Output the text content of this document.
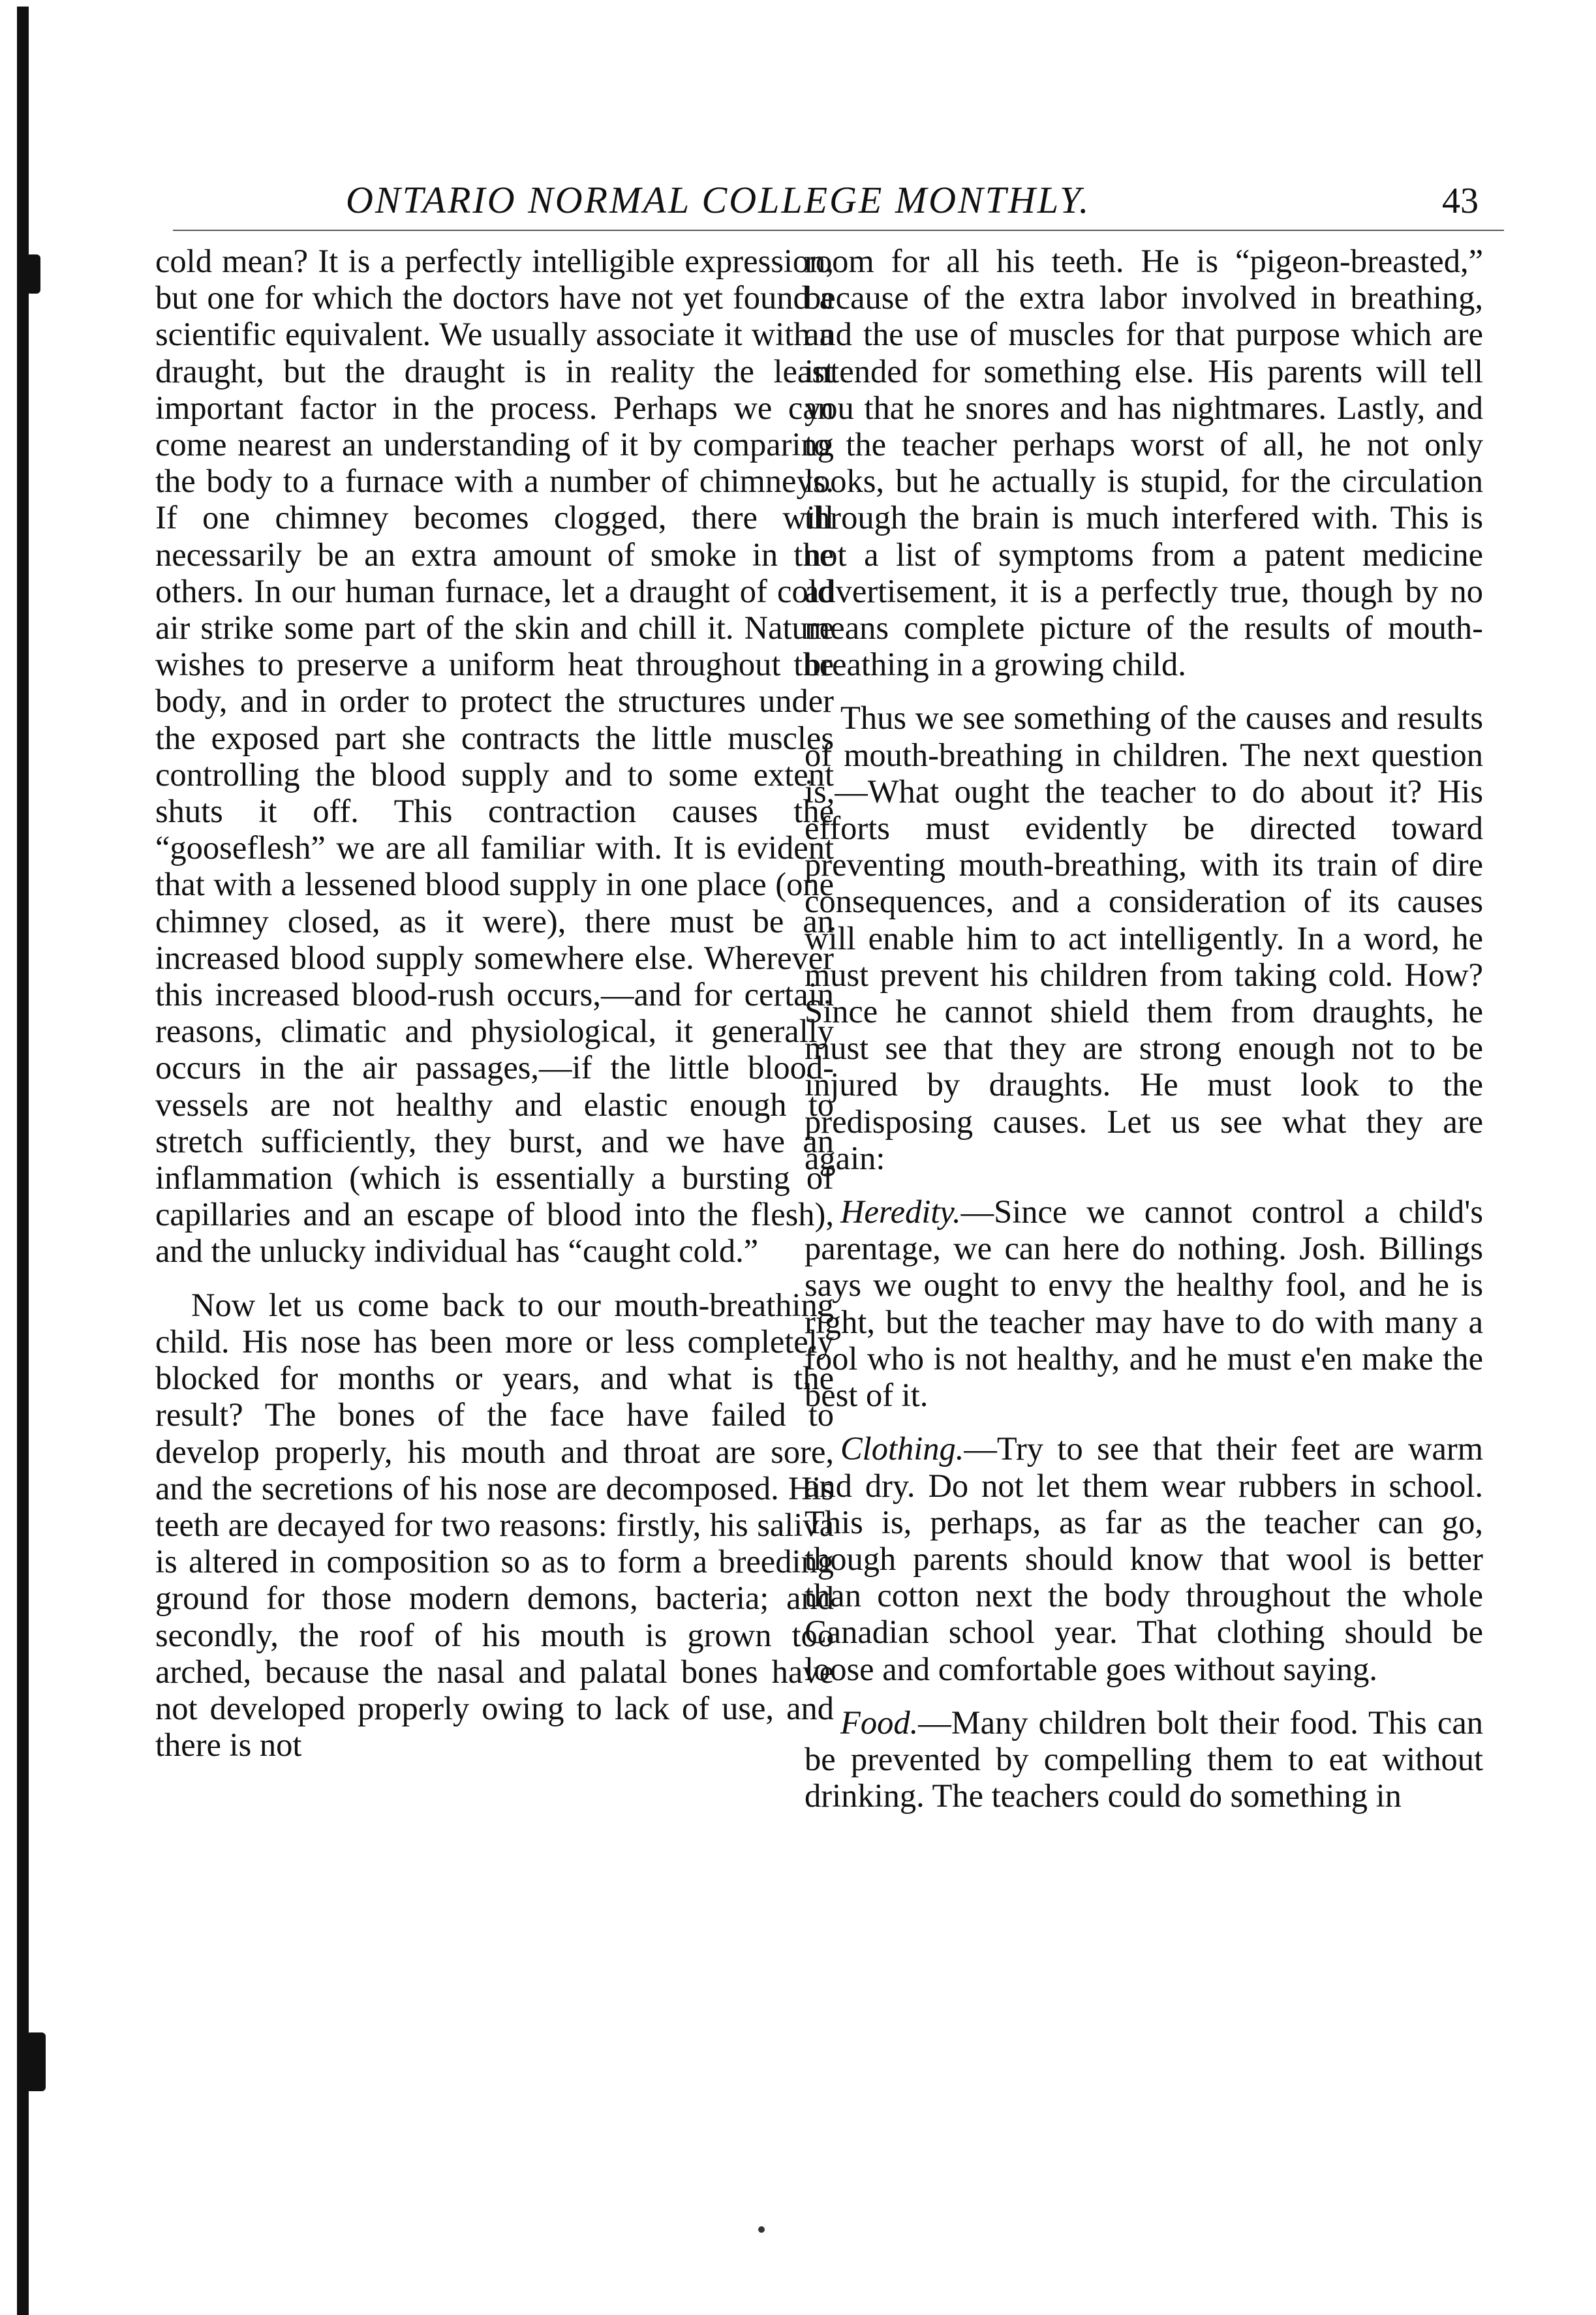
ONTARIO NORMAL COLLEGE MONTHLY.	43

cold mean? It is a perfectly intelligible expression, but one for which the doctors have not yet found a scientific equivalent. We usually associate it with a draught, but the draught is in reality the least important factor in the process. Perhaps we can come nearest an understanding of it by comparing the body to a furnace with a number of chimneys. If one chimney becomes clogged, there will necessarily be an extra amount of smoke in the others. In our human furnace, let a draught of cold air strike some part of the skin and chill it. Nature wishes to preserve a uniform heat throughout the body, and in order to protect the structures under the exposed part she contracts the little muscles controlling the blood supply and to some extent shuts it off. This contraction causes the “gooseflesh” we are all familiar with. It is evident that with a lessened blood supply in one place (one chimney closed, as it were), there must be an increased blood supply somewhere else. Wherever this increased blood-rush occurs,—and for certain reasons, climatic and physiological, it generally occurs in the air passages,—if the little blood-vessels are not healthy and elastic enough to stretch sufficiently, they burst, and we have an inflammation (which is essentially a bursting of capillaries and an escape of blood into the flesh), and the unlucky individual has “caught cold.”

Now let us come back to our mouth-breathing child. His nose has been more or less completely blocked for months or years, and what is the result? The bones of the face have failed to develop properly, his mouth and throat are sore, and the secretions of his nose are decomposed. His teeth are decayed for two reasons: firstly, his saliva is altered in composition so as to form a breeding ground for those modern demons, bacteria; and secondly, the roof of his mouth is grown too arched, because the nasal and palatal bones have not developed properly owing to lack of use, and there is not

room for all his teeth. He is “pigeon-breasted,” because of the extra labor involved in breathing, and the use of muscles for that purpose which are intended for something else. His parents will tell you that he snores and has nightmares. Lastly, and to the teacher perhaps worst of all, he not only looks, but he actually is stupid, for the circulation through the brain is much interfered with. This is not a list of symptoms from a patent medicine advertisement, it is a perfectly true, though by no means complete picture of the results of mouth-breathing in a growing child.

Thus we see something of the causes and results of mouth-breathing in children. The next question is,—What ought the teacher to do about it? His efforts must evidently be directed toward preventing mouth-breathing, with its train of dire consequences, and a consideration of its causes will enable him to act intelligently. In a word, he must prevent his children from taking cold. How? Since he cannot shield them from draughts, he must see that they are strong enough not to be injured by draughts. He must look to the predisposing causes. Let us see what they are again:

Heredity.—Since we cannot control a child's parentage, we can here do nothing. Josh. Billings says we ought to envy the healthy fool, and he is right, but the teacher may have to do with many a fool who is not healthy, and he must e'en make the best of it.

Clothing.—Try to see that their feet are warm and dry. Do not let them wear rubbers in school. This is, perhaps, as far as the teacher can go, though parents should know that wool is better than cotton next the body throughout the whole Canadian school year. That clothing should be loose and comfortable goes without saying.

Food.—Many children bolt their food. This can be prevented by compelling them to eat without drinking. The teachers could do something in
